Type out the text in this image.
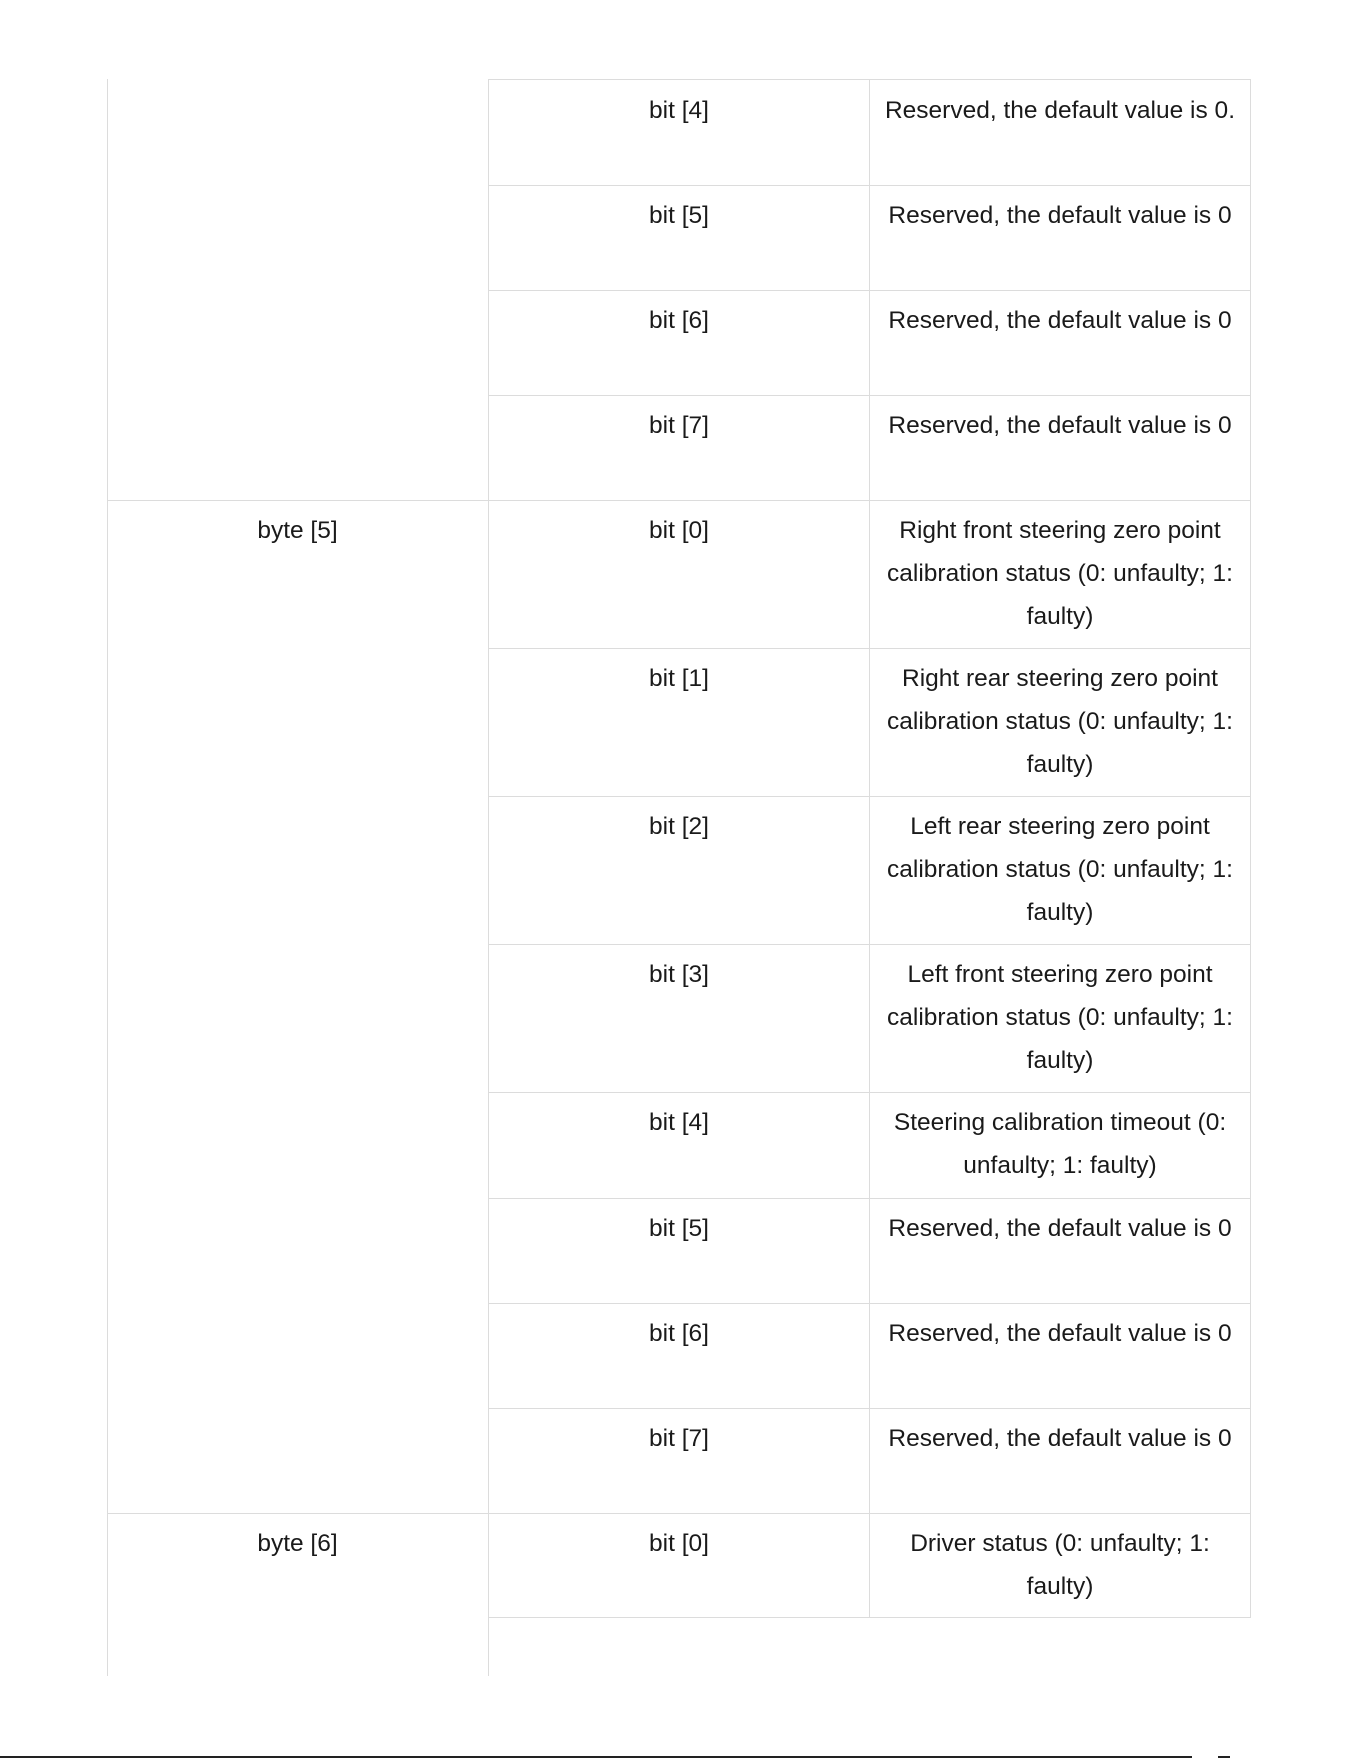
bit [4]	Reserved, the default value is 0.
bit [5]	Reserved, the default value is 0
bit [6]	Reserved, the default value is 0
bit [7]	Reserved, the default value is 0
byte [5]	bit [0]	Right front steering zero point calibration status (0: unfaulty; 1: faulty)
bit [1]	Right rear steering zero point calibration status (0: unfaulty; 1: faulty)
bit [2]	Left rear steering zero point calibration status (0: unfaulty; 1: faulty)
bit [3]	Left front steering zero point calibration status (0: unfaulty; 1: faulty)
bit [4]	Steering calibration timeout (0: unfaulty; 1: faulty)
bit [5]	Reserved, the default value is 0
bit [6]	Reserved, the default value is 0
bit [7]	Reserved, the default value is 0
byte [6]	bit [0]	Driver status (0: unfaulty; 1: faulty)
